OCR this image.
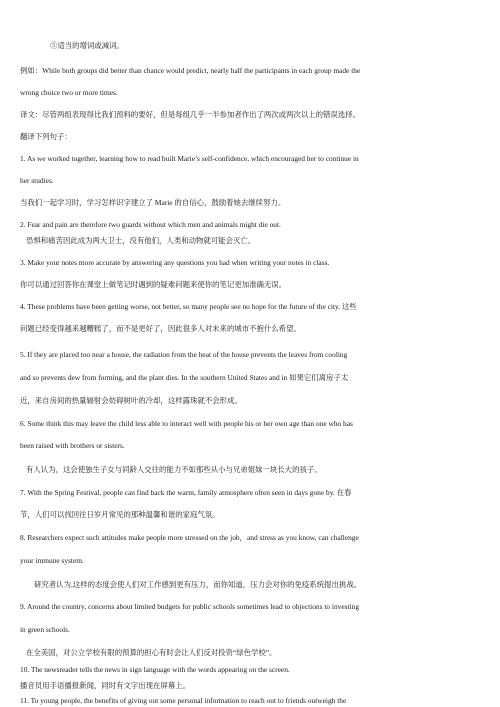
⑤适当的增词或减词。
例如：While both groups did better than chance would predict, nearly half the participants in each group made the
wrong choice two or more times.
译文：尽管两组表现得比我们预料的要好，但是每组几乎一半参加者作出了两次或两次以上的错误选择。
翻译下列句子：
1. As we worked together, learning how to read built Marie’s self-confidence, which encouraged her to continue in
her studies.
当我们一起学习时，学习怎样识字建立了 Marie 的自信心，鼓励着她去继续努力。
2. Fear and pain are therefore two guards without which men and animals might die out.
恐惧和痛苦因此成为两大卫士，没有他们，人类和动物就可能会灭亡。
3. Make your notes more accurate by answering any questions you had when writing your notes in class.
你可以通过回答你在课堂上做笔记时遇到的疑难问题来使你的笔记更加准确无误。
4. These problems have been getting worse, not better, so many people see no hope for the future of the city. 这些
问题已经变得越来越糟糕了，而不是更好了，因此很多人对未来的城市不抱什么希望。
5. If they are placed too near a house, the radiation from the heat of the house prevents the leaves from cooling
and so prevents dew from forming, and the plant dies. In the southern United States and in 如果它们离房子太
近，来自房间的热量辐射会妨碍树叶的冷却，这样露珠就不会形成。
6. Some think this may leave the child less able to interact well with people his or her own age than one who has
been raised with brothers or sisters.
有人认为，这会使独生子女与同龄人交往的能力不如那些从小与兄弟姐妹一块长大的孩子。
7. With the Spring Festival, people can find back the warm, family atmosphere often seen in days gone by. 在春
节，人们可以找回往日岁月常见的那种温馨和谐的家庭气氛。
8. Researchers expect such attitudes make people more stressed on the job，and stress as you know, can challenge
your immune system.
研究者认为,这样的态度会使人们对工作感到更有压力，而你知道，压力会对你的免疫系统提出挑战。
9. Around the country, concerns about limited budgets for public schools sometimes lead to objections to investing
in green schools.
在全美国，对公立学校有限的预算的担心有时会让人们反对投资“绿色学校”。
10. The newsreader tells the news in sign language with the words appearing on the screen.
播音员用手语播报新闻，同时有文字出现在屏幕上。
11. To young people, the benefits of giving out some personal information to reach out to friends outweigh the
